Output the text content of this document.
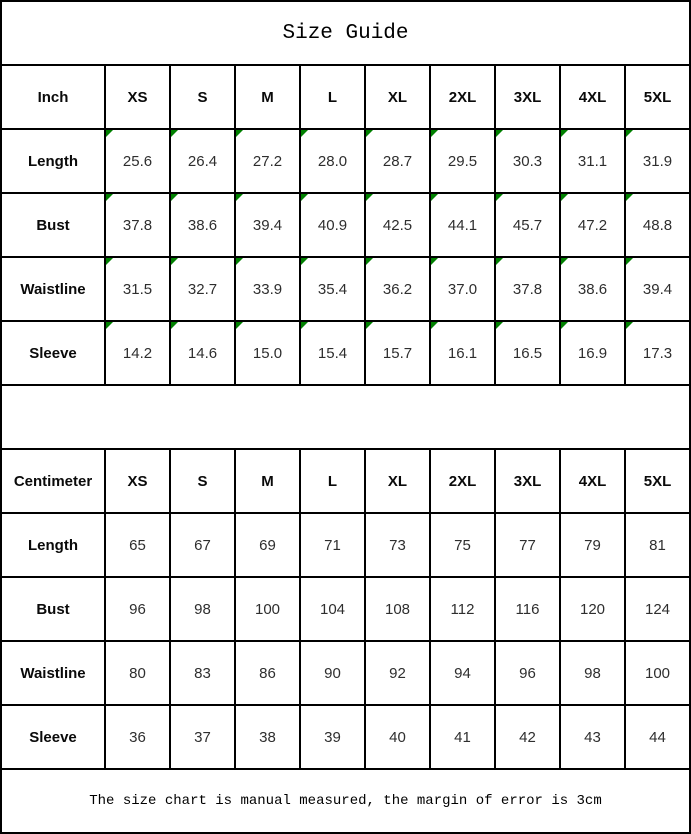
Size Guide									
Inch	XS	S	M	L	XL	2XL	3XL	4XL	5XL
Length	25.6	26.4	27.2	28.0	28.7	29.5	30.3	31.1	31.9

Bust	37.8	38.6	39.4	40.9	42.5	44.1	45.7	47.2	48.8

Waistline	31.5	32.7	33.9	35.4	36.2	37.0	37.8	38.6	39.4

Sleeve	14.2	14.6	15.0	15.4	15.7	16.1	16.5	16.9	17.3

Centimeter	XS	S	M	L	XL	2XL	3XL	4XL	5XL
Length	65	67	69	71	73	75	77	79	81
Bust	96	98	100	104	108	112	116	120	124
Waistline	80	83	86	90	92	94	96	98	100
Sleeve	36	37	38	39	40	41	42	43	44
The size chart is manual measured, the margin of error is 3cm									
